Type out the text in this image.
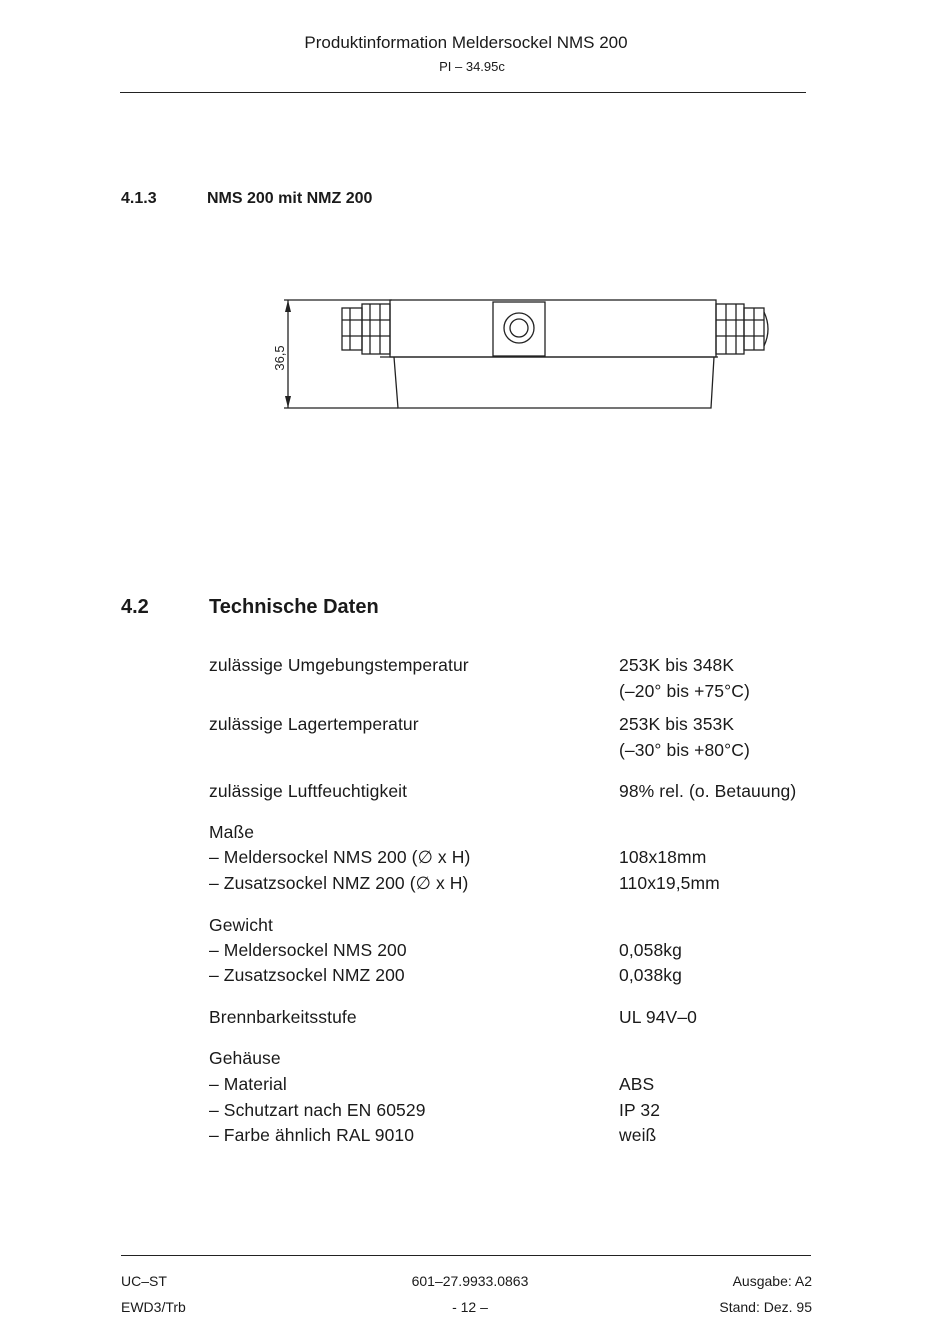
Produktinformation Meldersockel NMS 200
PI – 34.95c
4.1.3	NMS 200 mit NMZ 200
36,5
4.2	Technische Daten
zulässige Umgebungstemperatur	253K bis 348K
(–20° bis +75°C)
zulässige Lagertemperatur	253K bis 353K
(–30° bis +80°C)
zulässige Luftfeuchtigkeit	98% rel. (o. Betauung)
Maße
– Meldersockel NMS 200 (∅ x H)	108x18mm
– Zusatzsockel NMZ 200 (∅ x H)	110x19,5mm
Gewicht
– Meldersockel NMS 200	0,058kg
– Zusatzsockel NMZ 200	0,038kg
Brennbarkeitsstufe	UL 94V–0
Gehäuse
– Material	ABS
– Schutzart nach EN 60529	IP 32
– Farbe ähnlich RAL 9010	weiß
UC–ST
EWD3/Trb
601–27.9933.0863
- 12 –
Ausgabe: A2
Stand: Dez. 95
